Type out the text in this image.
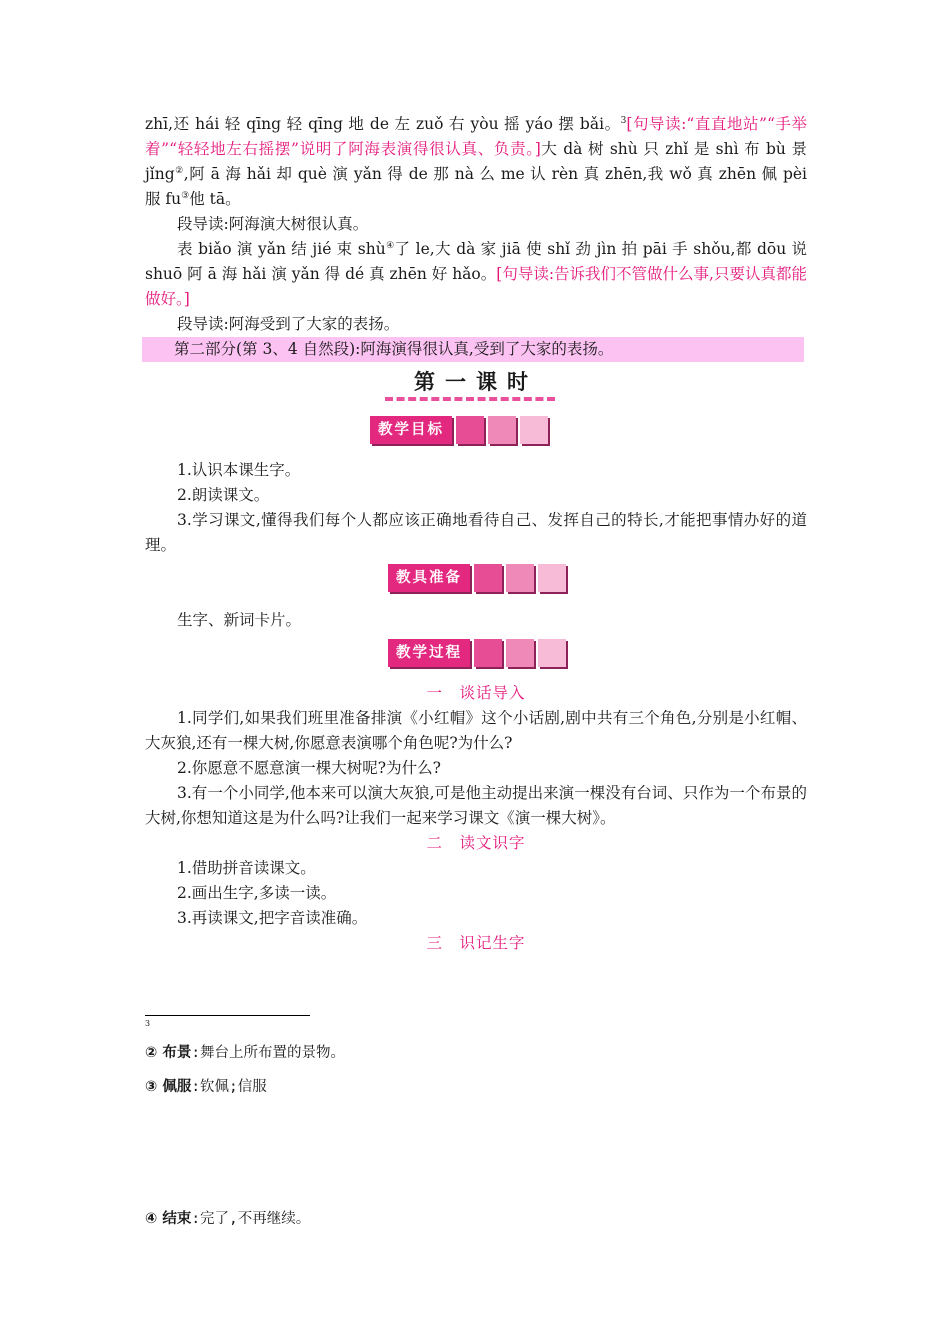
zhī,还 hái 轻 qīng 轻 qīng 地 de 左 zuǒ 右 yòu 摇 yáo 摆 bǎi。$^3$[句导读:“直直地站”“手举着”“轻轻地左右摇摆”说明了阿海表演得很认真、负责。]大 dà 树 shù 只 zhǐ 是 shì 布 bù 景 jǐng②,阿 ā 海 hǎi 却 què 演 yǎn 得 de 那 nà 么 me 认 rèn 真 zhēn,我 wǒ 真 zhēn 佩 pèi 服 fu③他 tā。

段导读:阿海演大树很认真。

表 biǎo 演 yǎn 结 jié 束 shù④了 le,大 dà 家 jiā 使 shǐ 劲 jìn 拍 pāi 手 shǒu,都 dōu 说 shuō 阿 ā 海 hǎi 演 yǎn 得 dé 真 zhēn 好 hǎo。[句导读:告诉我们不管做什么事,只要认真都能做好。]

段导读:阿海受到了大家的表扬。

第二部分(第 3、4 自然段):阿海演得很认真,受到了大家的表扬。

第一课时
教学目标

1.认识本课生字。

2.朗读课文。

3.学习课文,懂得我们每个人都应该正确地看待自己、发挥自己的特长,才能把事情办好的道理。

教具准备

生字、新词卡片。

教学过程

一　谈话导入

1.同学们,如果我们班里准备排演《小红帽》这个小话剧,剧中共有三个角色,分别是小红帽、大灰狼,还有一棵大树,你愿意表演哪个角色呢?为什么?

2.你愿意不愿意演一棵大树呢?为什么?

3.有一个小同学,他本来可以演大灰狼,可是他主动提出来演一棵没有台词、只作为一个布景的大树,你想知道这是为什么吗?让我们一起来学习课文《演一棵大树》。

二　读文识字

1.借助拼音读课文。

2.画出生字,多读一读。

3.再读课文,把字音读准确。

三　识记生字

3
② 布景:舞台上所布置的景物。
③ 佩服:钦佩;信服
④ 结束:完了,不再继续。
